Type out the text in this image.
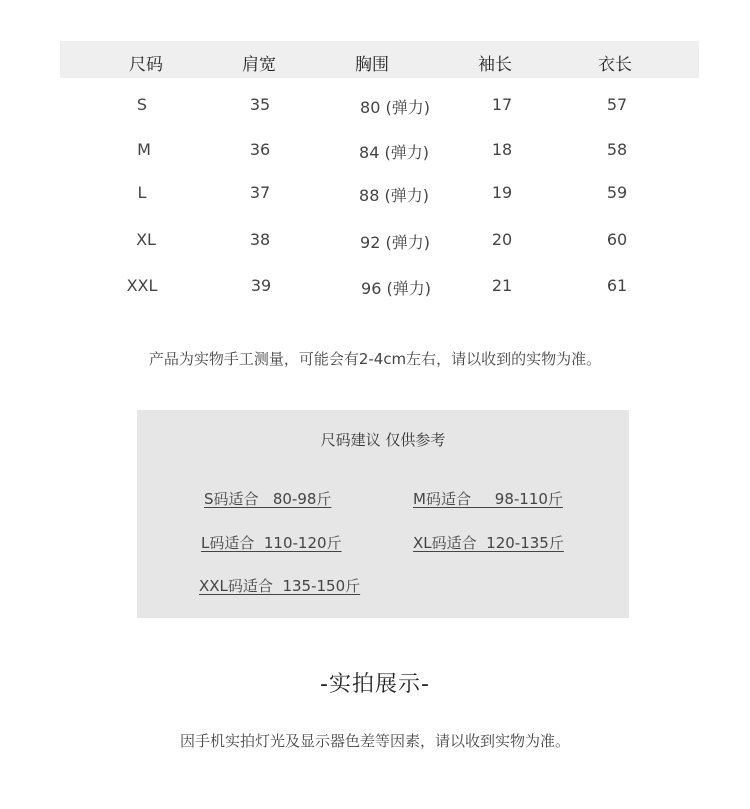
尺码	肩宽	胸围	袖长	衣长
S	35	80 (弹力)	17	57
M	36	84 (弹力)	18	58
L	37	88 (弹力)	19	59
XL	38	92 (弹力)	20	60
XXL	39	96 (弹力)	21	61
产品为实物手工测量，可能会有2-4cm左右，请以收到的实物为准。
尺码建议 仅供参考
S码适合   80-98斤	M码适合     98-110斤
L码适合  110-120斤	XL码适合  120-135斤
XXL码适合  135-150斤
-实拍展示-
因手机实拍灯光及显示器色差等因素，请以收到实物为准。
